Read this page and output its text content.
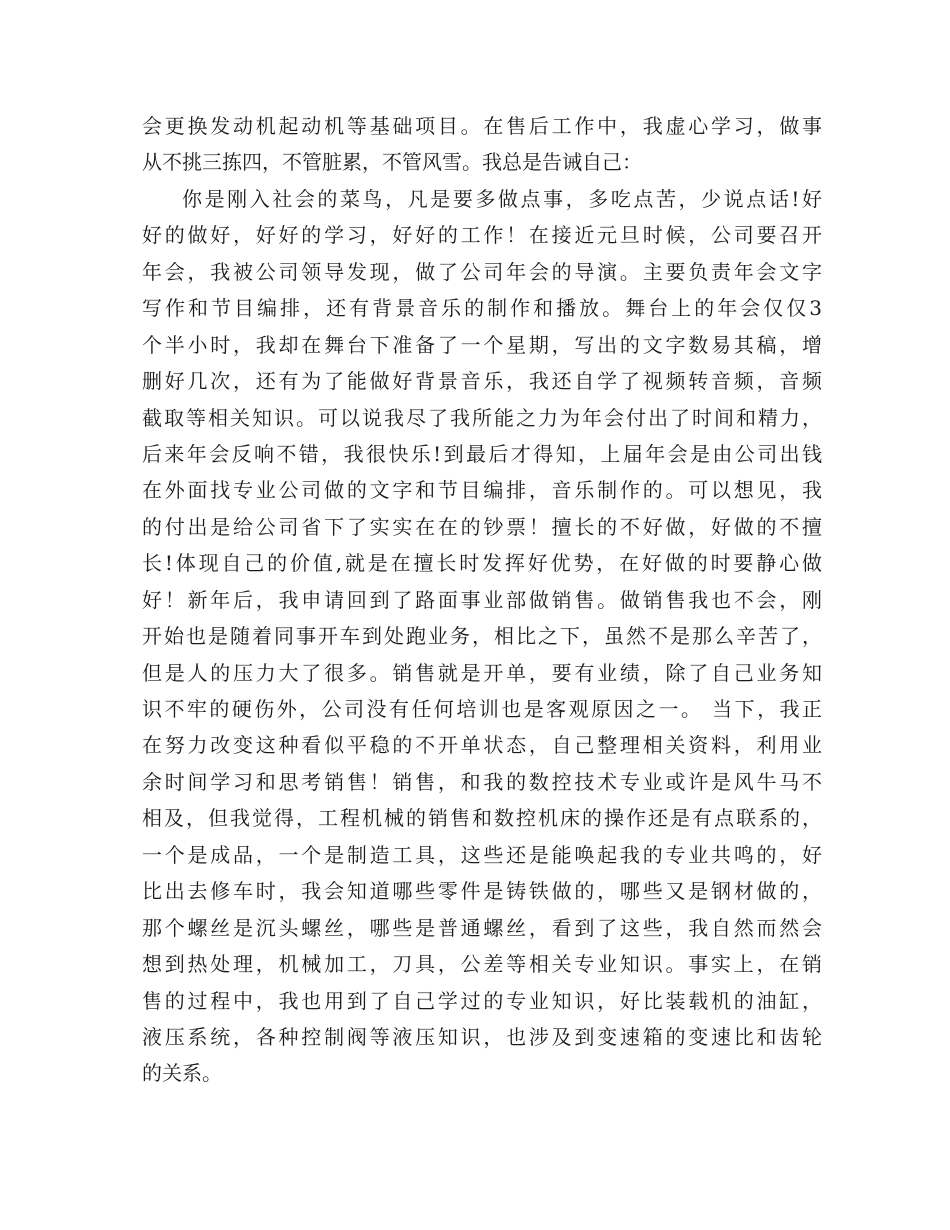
会更换发动机起动机等基础项目。在售后工作中，我虚心学习，做事
从不挑三拣四，不管脏累，不管风雪。我总是告诫自己：
你是刚入社会的菜鸟，凡是要多做点事，多吃点苦，少说点话!好
好的做好，好好的学习，好好的工作！在接近元旦时候，公司要召开
年会，我被公司领导发现，做了公司年会的导演。主要负责年会文字
写作和节目编排，还有背景音乐的制作和播放。舞台上的年会仅仅3
个半小时，我却在舞台下准备了一个星期，写出的文字数易其稿，增
删好几次，还有为了能做好背景音乐，我还自学了视频转音频，音频
截取等相关知识。可以说我尽了我所能之力为年会付出了时间和精力，
后来年会反响不错，我很快乐!到最后才得知，上届年会是由公司出钱
在外面找专业公司做的文字和节目编排，音乐制作的。可以想见，我
的付出是给公司省下了实实在在的钞票！擅长的不好做，好做的不擅
长!体现自己的价值,就是在擅长时发挥好优势，在好做的时要静心做
好！新年后，我申请回到了路面事业部做销售。做销售我也不会，刚
开始也是随着同事开车到处跑业务，相比之下，虽然不是那么辛苦了，
但是人的压力大了很多。销售就是开单，要有业绩，除了自己业务知
识不牢的硬伤外，公司没有任何培训也是客观原因之一。 当下，我正
在努力改变这种看似平稳的不开单状态，自己整理相关资料，利用业
余时间学习和思考销售！销售，和我的数控技术专业或许是风牛马不
相及，但我觉得，工程机械的销售和数控机床的操作还是有点联系的，
一个是成品，一个是制造工具，这些还是能唤起我的专业共鸣的，好
比出去修车时，我会知道哪些零件是铸铁做的，哪些又是钢材做的，
那个螺丝是沉头螺丝，哪些是普通螺丝，看到了这些，我自然而然会
想到热处理，机械加工，刀具，公差等相关专业知识。事实上，在销
售的过程中，我也用到了自己学过的专业知识，好比装载机的油缸，
液压系统，各种控制阀等液压知识，也涉及到变速箱的变速比和齿轮
的关系。
